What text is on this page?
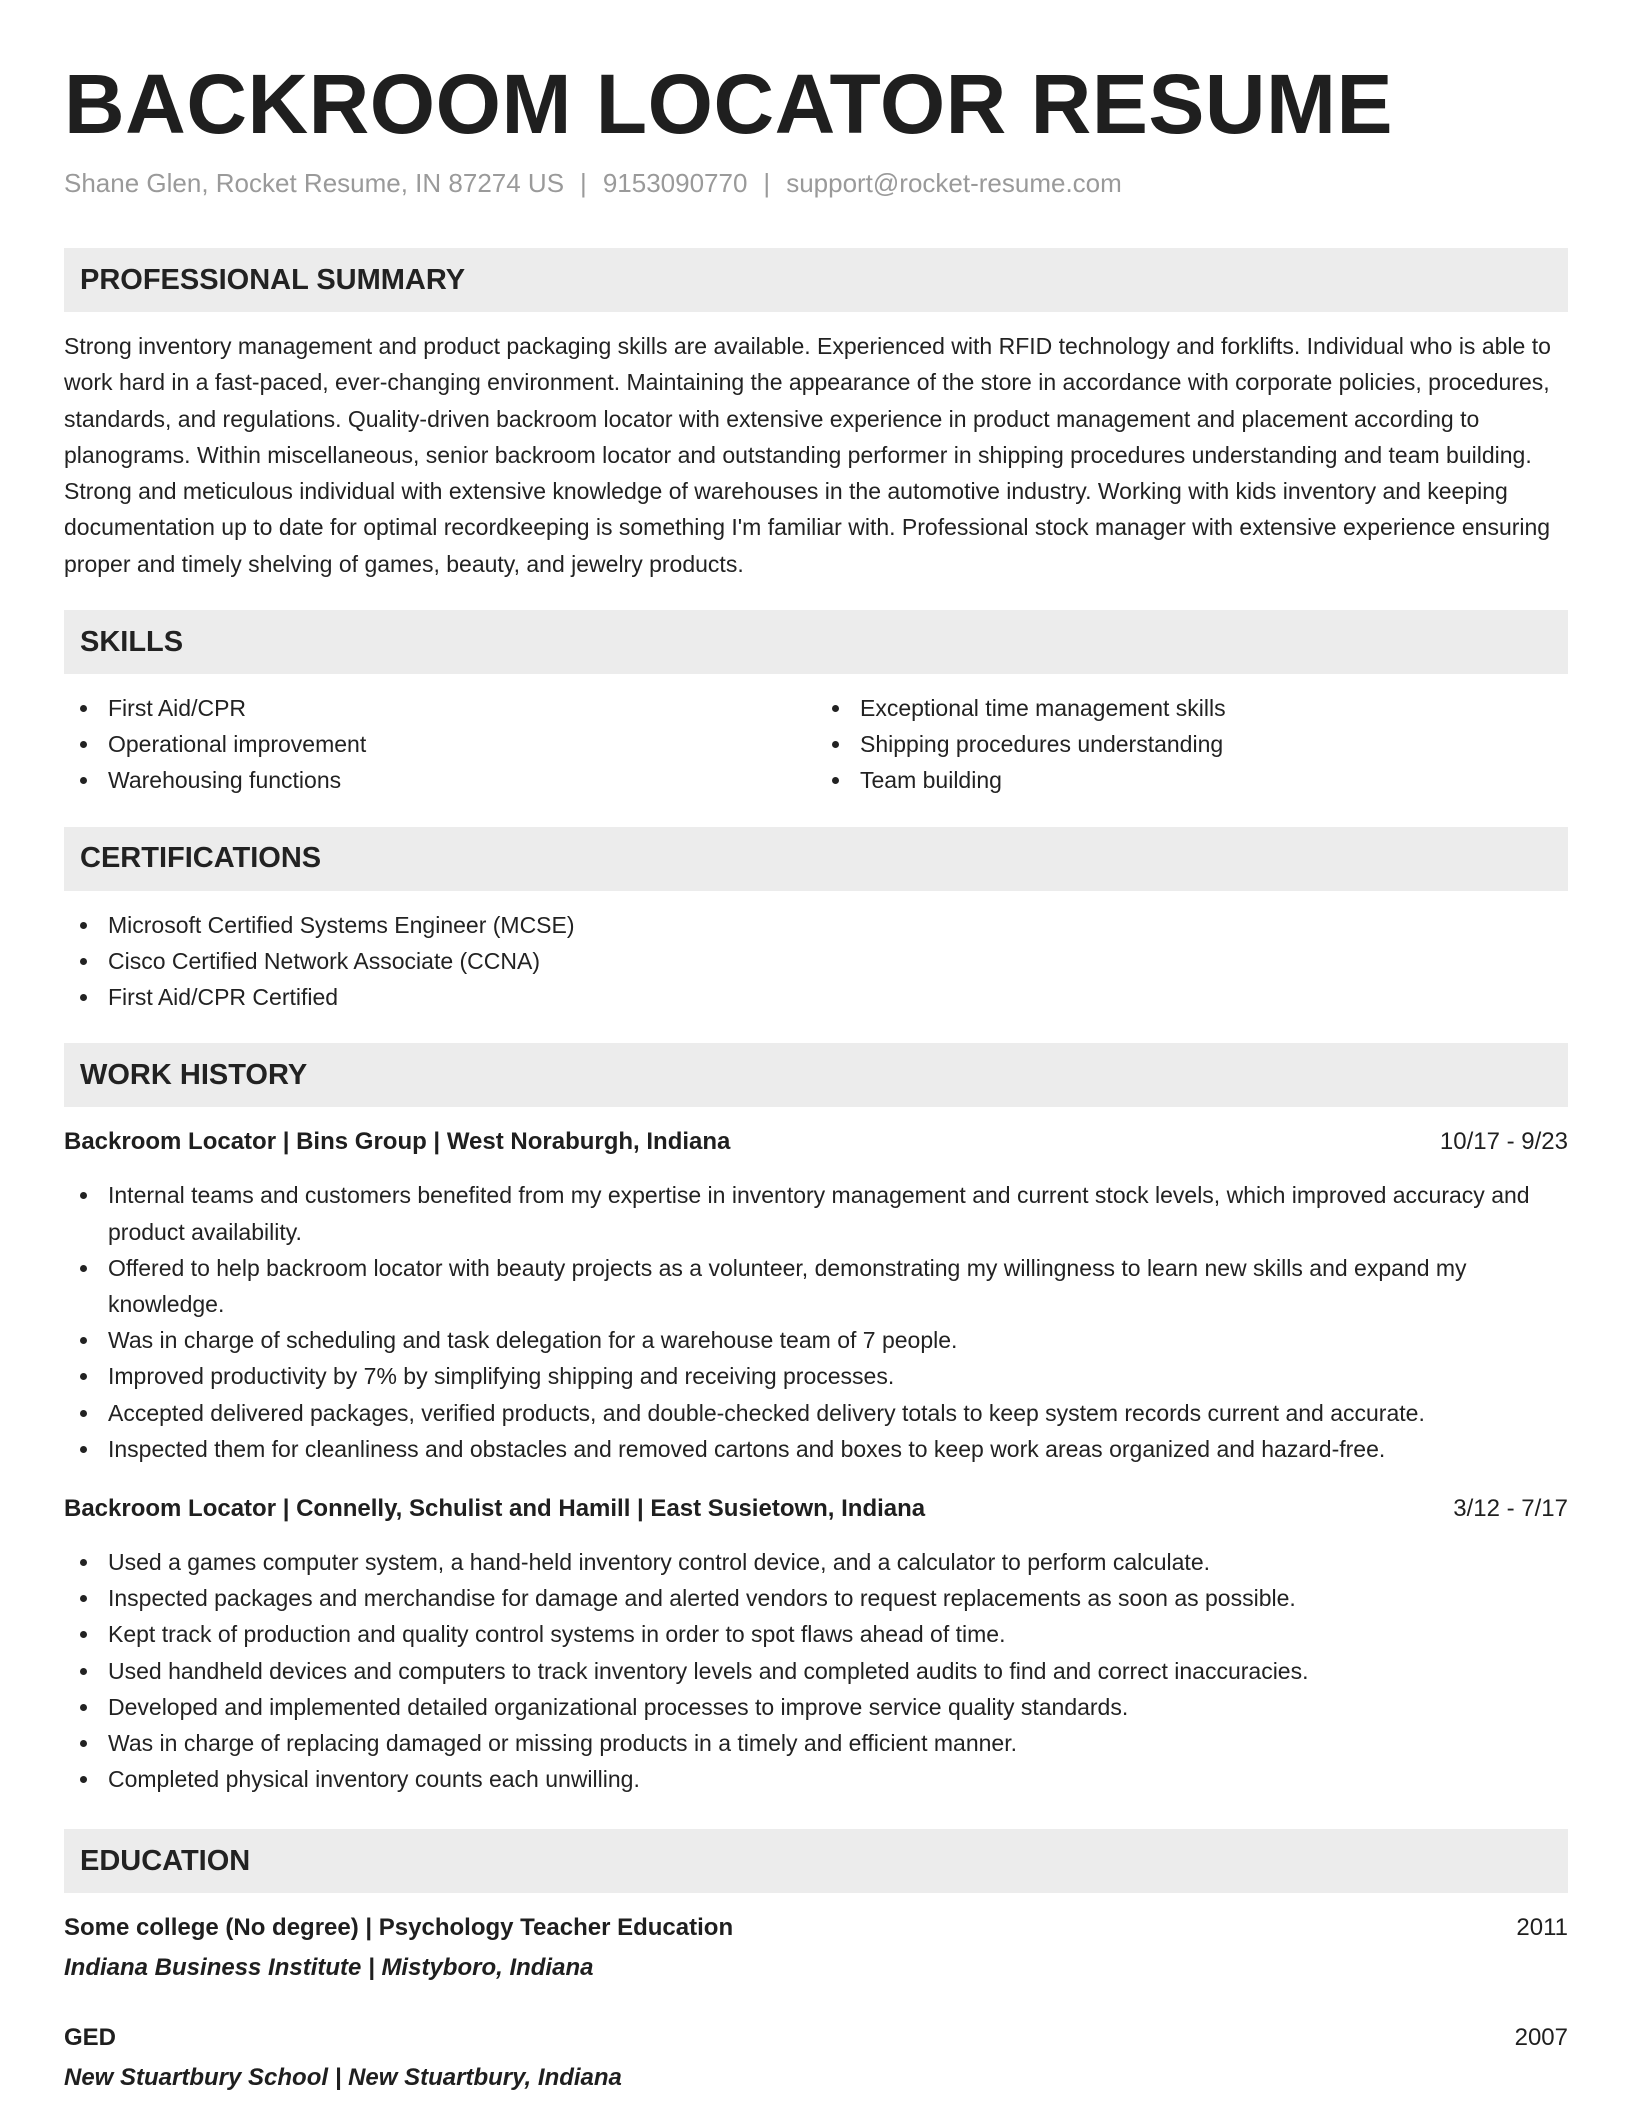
BACKROOM LOCATOR RESUME
Shane Glen, Rocket Resume, IN 87274 US | 9153090770 | support@rocket-resume.com
PROFESSIONAL SUMMARY

Strong inventory management and product packaging skills are available. Experienced with RFID technology and forklifts. Individual who is able to work hard in a fast-paced, ever-changing environment. Maintaining the appearance of the store in accordance with corporate policies, procedures, standards, and regulations. Quality-driven backroom locator with extensive experience in product management and placement according to planograms. Within miscellaneous, senior backroom locator and outstanding performer in shipping procedures understanding and team building. Strong and meticulous individual with extensive knowledge of warehouses in the automotive industry. Working with kids inventory and keeping documentation up to date for optimal recordkeeping is something I'm familiar with. Professional stock manager with extensive experience ensuring proper and timely shelving of games, beauty, and jewelry products.

SKILLS
First Aid/CPR
Operational improvement
Warehousing functions
Exceptional time management skills
Shipping procedures understanding
Team building
CERTIFICATIONS
Microsoft Certified Systems Engineer (MCSE)
Cisco Certified Network Associate (CCNA)
First Aid/CPR Certified
WORK HISTORY
Backroom Locator | Bins Group | West Noraburgh, Indiana	10/17 - 9/23
Internal teams and customers benefited from my expertise in inventory management and current stock levels, which improved accuracy and product availability.
Offered to help backroom locator with beauty projects as a volunteer, demonstrating my willingness to learn new skills and expand my knowledge.
Was in charge of scheduling and task delegation for a warehouse team of 7 people.
Improved productivity by 7% by simplifying shipping and receiving processes.
Accepted delivered packages, verified products, and double-checked delivery totals to keep system records current and accurate.
Inspected them for cleanliness and obstacles and removed cartons and boxes to keep work areas organized and hazard-free.
Backroom Locator | Connelly, Schulist and Hamill | East Susietown, Indiana	3/12 - 7/17
Used a games computer system, a hand-held inventory control device, and a calculator to perform calculate.
Inspected packages and merchandise for damage and alerted vendors to request replacements as soon as possible.
Kept track of production and quality control systems in order to spot flaws ahead of time.
Used handheld devices and computers to track inventory levels and completed audits to find and correct inaccuracies.
Developed and implemented detailed organizational processes to improve service quality standards.
Was in charge of replacing damaged or missing products in a timely and efficient manner.
Completed physical inventory counts each unwilling.
EDUCATION
Some college (No degree) | Psychology Teacher Education	2011
Indiana Business Institute | Mistyboro, Indiana
GED	2007
New Stuartbury School | New Stuartbury, Indiana
